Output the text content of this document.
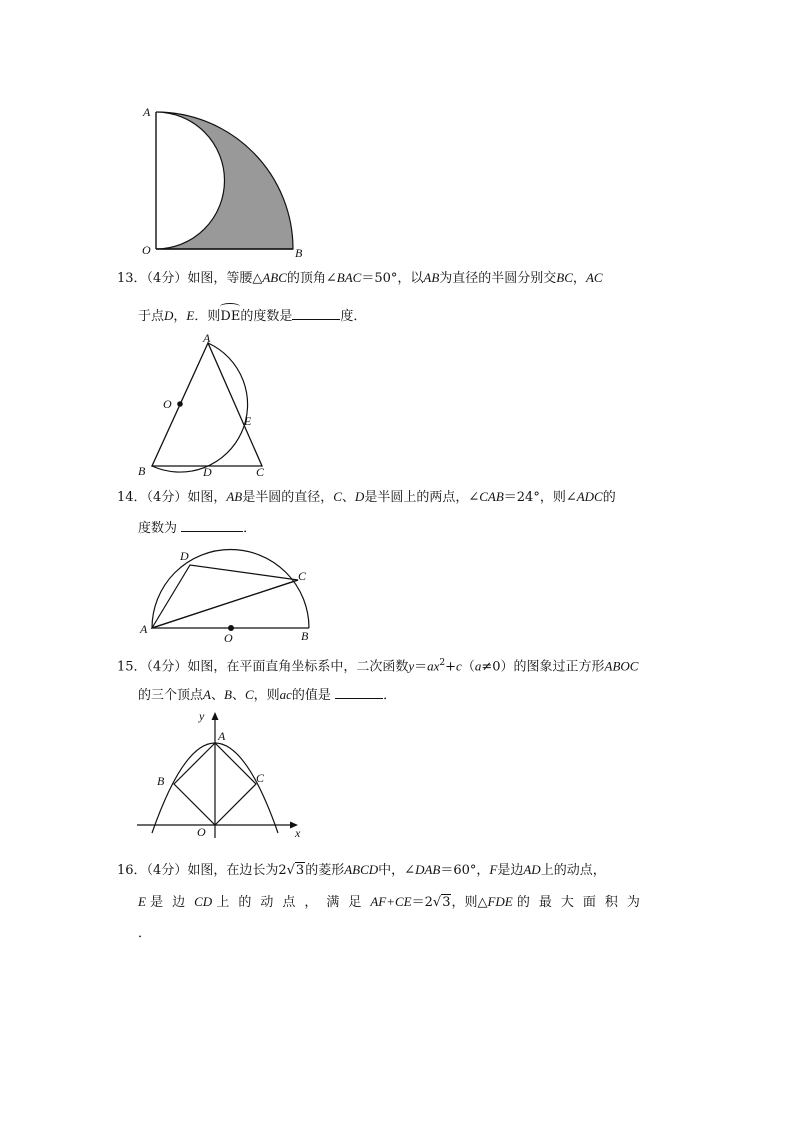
A
O	B
13．（4分）如图，等腰△ABC的顶角∠BAC＝50°，以AB为直径的半圆分别交BC，AC
于点D，E．则DE的度数是	度．
A
O
E
B	D	C
14．（4分）如图，AB是半圆的直径，C、D是半圆上的两点，∠CAB＝24°，则∠ADC的
度数为	．
D
C
A
O	B
15．（4分）如图，在平面直角坐标系中，二次函数$y=ax^2+c(a\ne 0)$的图象过正方形ABOC
的三个顶点A、B、C，则ac的值是	．
y
A
B	C
O	x
16．（4分）如图，在边长为2√3的菱形ABCD中，∠DAB＝60°，F是边AD上的动点，
E 是边CD 上的动点，满足AF+CE＝2√3，则△FDE 的最大面积为
．
